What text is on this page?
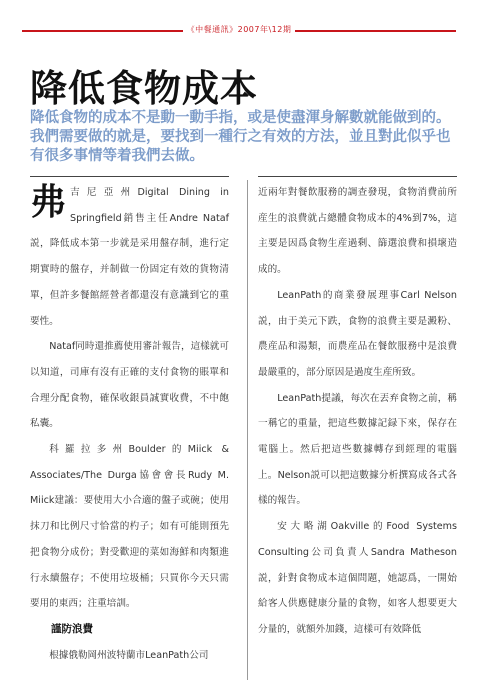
《中餐通訊》2007年\12期
降低食物成本
降低食物的成本不是動一動手指，或是使盡渾身解數就能做到的。我們需要做的就是，要找到一種行之有效的方法，並且對此似乎也有很多事情等着我們去做。

弗吉尼亞州Digital Dining in Springfield銷售主任Andre Nataf説，降低成本第一步就是采用盤存制，進行定期實時的盤存，并制做一份固定有效的貨物清單，但許多餐館經營者都還沒有意識到它的重要性。

Nataf同時還推薦使用審計報告，這樣就可以知道，司庫有沒有正確的支付食物的賬單和合理分配食物，確保收銀員誠實收費，不中飽私囊。

科羅拉多州Boulder的Miick & Associates/The Durga協會會長Rudy M. Miick建議：要使用大小合適的盤子或碗；使用抹刀和比例尺寸恰當的杓子；如有可能則預先把食物分成份；對受歡迎的菜如海鮮和肉類進行永續盤存；不使用垃圾桶；只買你今天只需要用的東西；注重培訓。

謹防浪費

根據俄勒岡州波特蘭市LeanPath公司

近兩年對餐飲服務的調查發現，食物消費前所産生的浪費就占總體食物成本的4%到7%，這主要是因爲食物生産過剩、篩選浪費和損壞造成的。

LeanPath的商業發展理事Carl Nelson説，由于美元下跌，食物的浪費主要是澱粉、農産品和湯類，而農産品在餐飲服務中是浪費最嚴重的，部分原因是過度生産所致。

LeanPath提議，每次在丟弃食物之前，稱一稱它的重量，把這些數據記録下來，保存在電腦上。然后把這些數據轉存到經理的電腦上。Nelson説可以把這數據分析撰寫成各式各樣的報告。

安大略湖Oakville的Food Systems Consulting公司負責人Sandra Matheson説，針對食物成本這個問題，她認爲，一開始給客人供應健康分量的食物，如客人想要更大分量的，就額外加錢，這樣可有效降低
